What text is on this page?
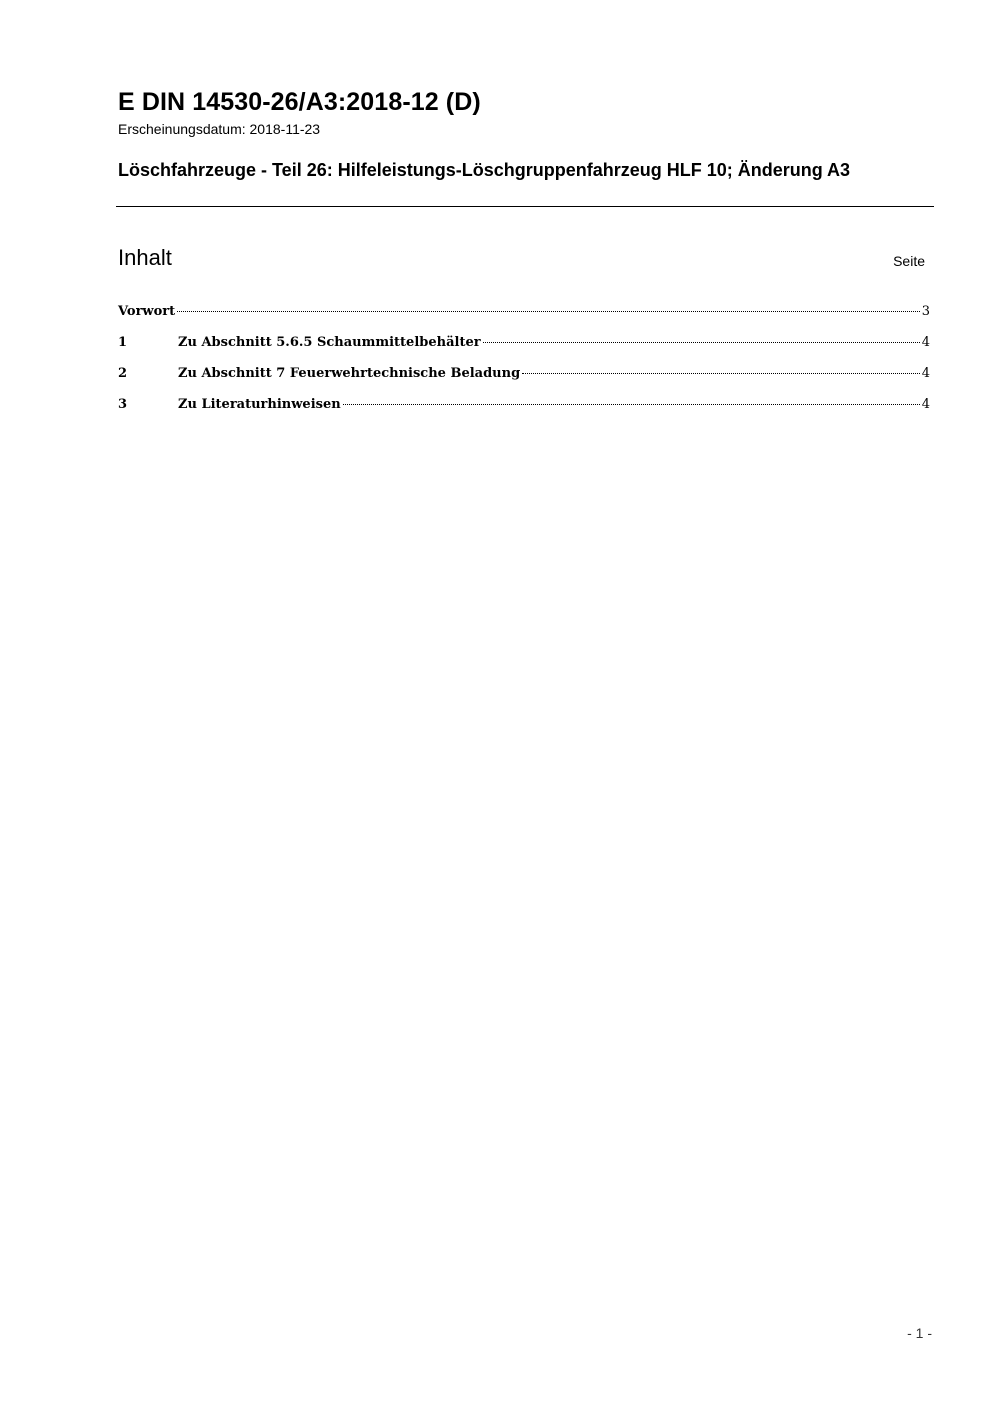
E DIN 14530-26/A3:2018-12 (D)
Erscheinungsdatum: 2018-11-23
Löschfahrzeuge - Teil 26: Hilfeleistungs-Löschgruppenfahrzeug HLF 10; Änderung A3
Inhalt	Seite
Vorwort	3
1	Zu Abschnitt 5.6.5 Schaummittelbehälter	4
2	Zu Abschnitt 7 Feuerwehrtechnische Beladung	4
3	Zu Literaturhinweisen	4
- 1 -
